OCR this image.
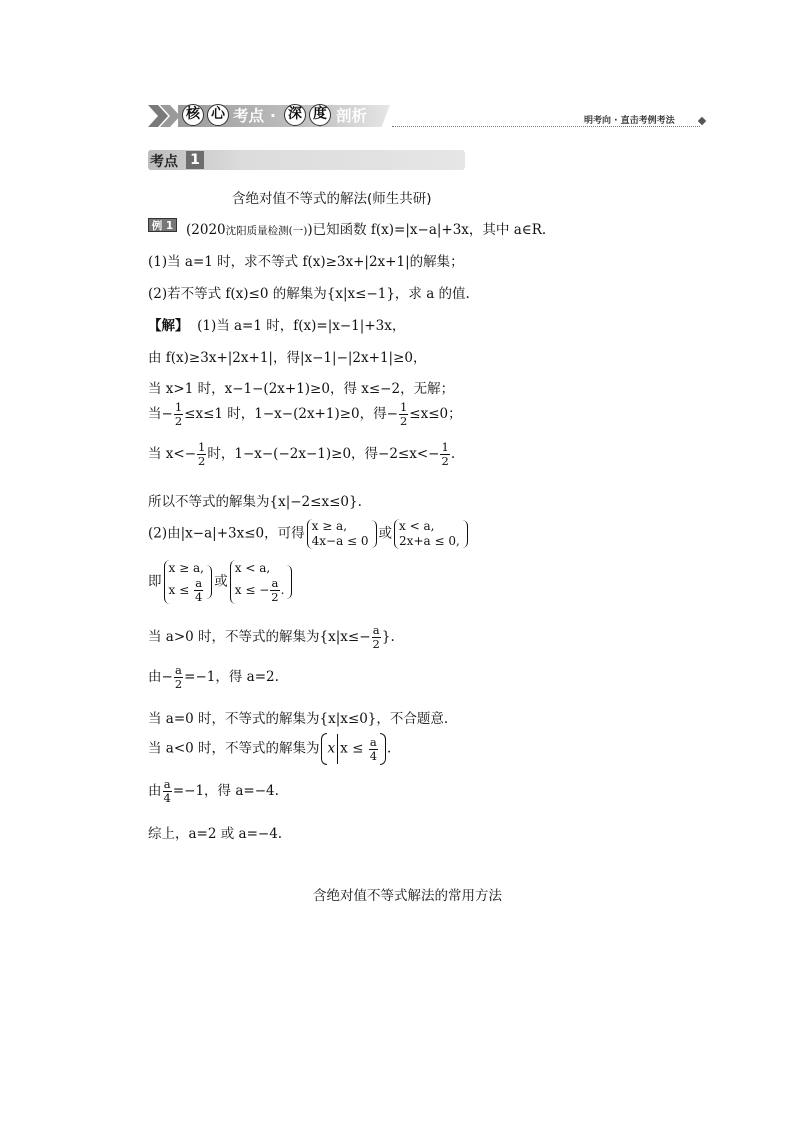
核 心 考点 · 深 度 剖析	明考向 · 直击考例考法
考点 1
含绝对值不等式的解法(师生共研)
例 1 (2020沈阳质量检测(一))已知函数 f(x)=|x−a|+3x，其中 a∈R.
(1)当 a=1 时，求不等式 f(x)≥3x+|2x+1|的解集；
(2)若不等式 f(x)≤0 的解集为{x|x≤−1}，求 a 的值.
【解】 (1)当 a=1 时，f(x)=|x−1|+3x，
由 f(x)≥3x+|2x+1|，得|x−1|−|2x+1|≥0，
当 x>1 时，x−1−(2x+1)≥0，得 x≤−2，无解；
当− $\frac{1}{2} \le x\le 1$ 时，1−x−(2x+1)≥0，得− $\frac{1}{2} \le x\le 0$；
当 $x<- \frac{1}{2}$ 时，1−x−(−2x−1)≥0，得$-2\le x<- \frac{1}{2}$ .
所以不等式的解集为{x|−2≤x≤0}.
(2)由|x−a|+3x≤0，可得 x ≥ a,
4x−a ≤ 0 或 x < a,
2x+a ≤ 0,
即
x ≥ a,
$x \le \frac{a}{4}$ 或
x < a,
x ≤ − $\frac{a}{2}$ .
当 a>0 时，不等式的解集为{$x|x\le- \frac{a}{2}$ }.
由− $\frac{a}{2} =-1$，得 a=2.
当 a=0 时，不等式的解集为{x|x≤0}，不合题意.
当 a<0 时，不等式的解集为 x $x \le \frac{a}{4}$ .
由 $\frac{a}{4} =-1$，得 a=−4.
综上，a=2 或 a=−4.
含绝对值不等式解法的常用方法
